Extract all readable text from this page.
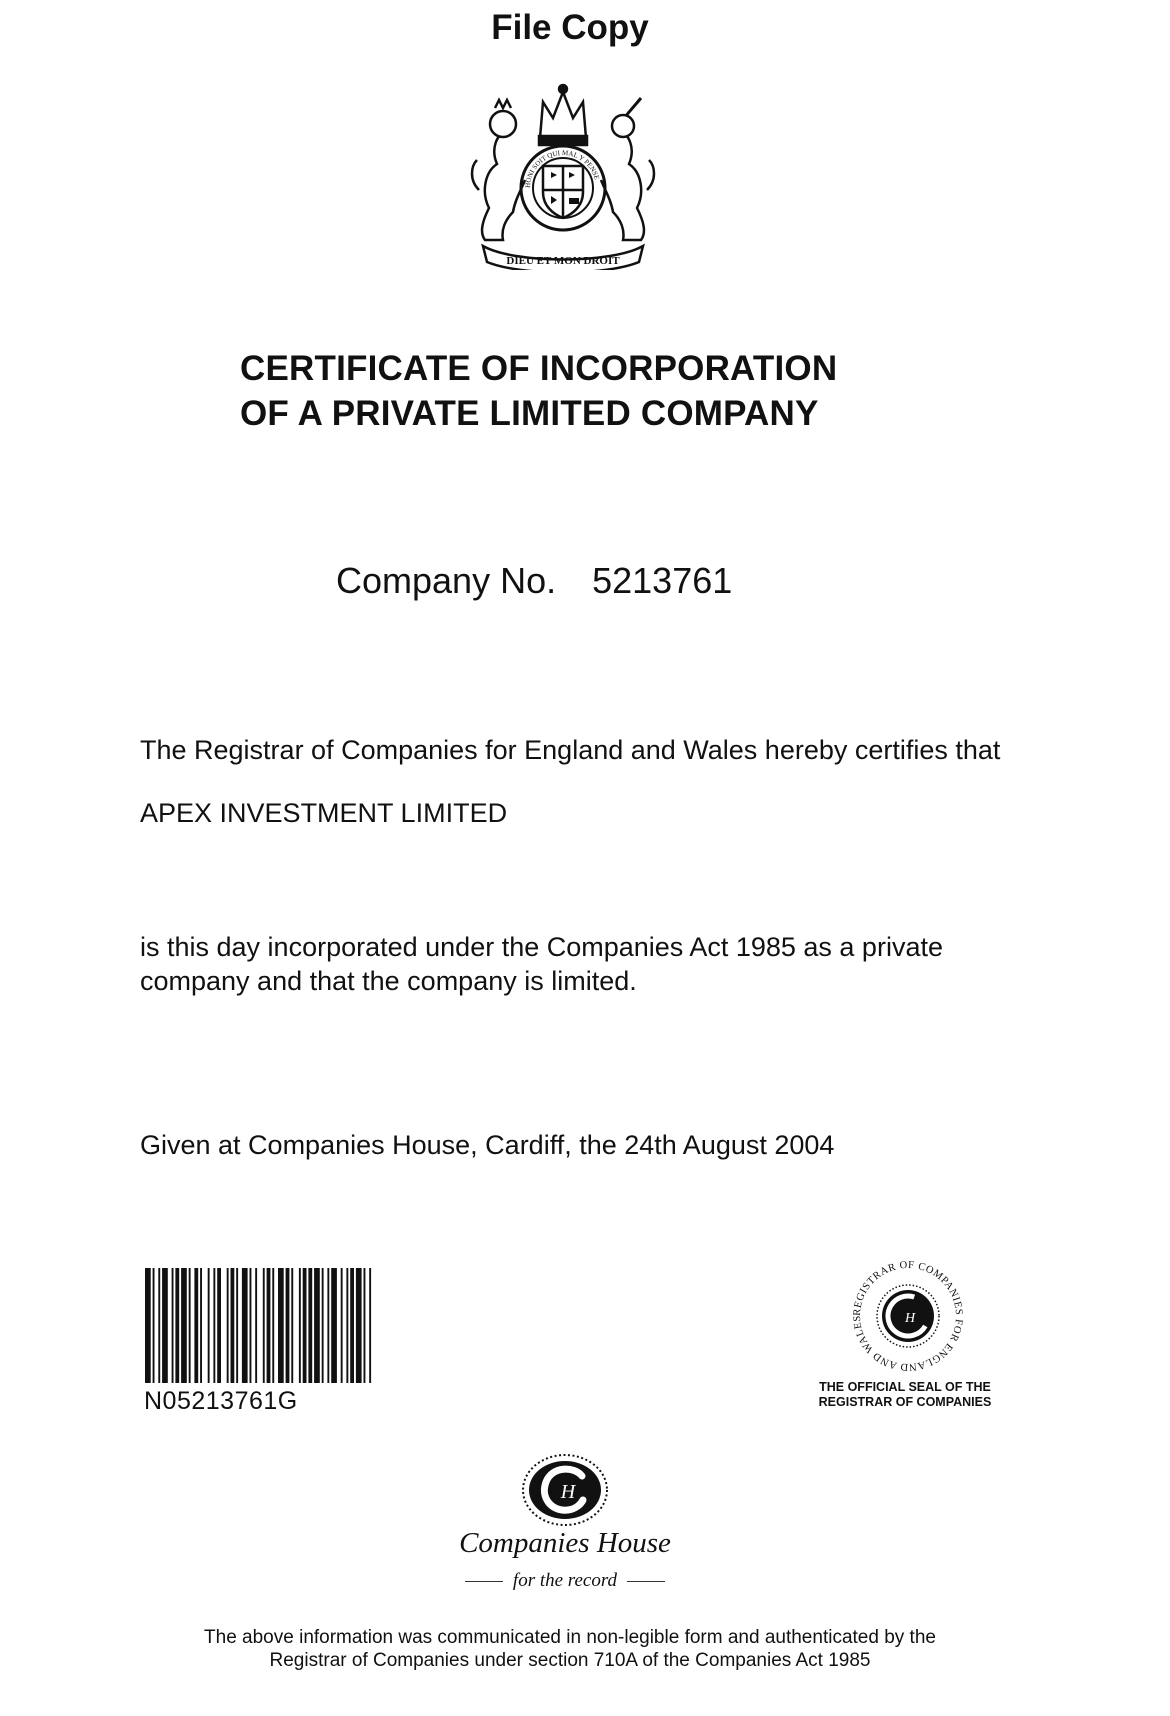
File Copy
HONI SOIT QUI MAL Y PENSE
DIEU ET MON DROIT
CERTIFICATE OF INCORPORATION
OF A PRIVATE LIMITED COMPANY
Company No. 5213761
The Registrar of Companies for England and Wales hereby certifies that
APEX INVESTMENT LIMITED
is this day incorporated under the Companies Act 1985 as a private
company and that the company is limited.
Given at Companies House, Cardiff, the 24th August 2004
N05213761G
REGISTRAR OF COMPANIES FOR ENGLAND AND WALES	H
THE OFFICIAL SEAL OF THE
REGISTRAR OF COMPANIES
H
Companies House
for the record
The above information was communicated in non-legible form and authenticated by the
Registrar of Companies under section 710A of the Companies Act 1985
